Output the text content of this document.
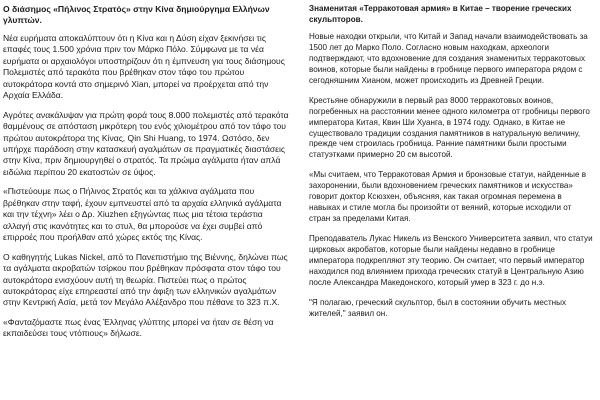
Ο διάσημος «Πήλινος Στρατός» στην Κίνα δημιούργημα Ελλήνων γλυπτών.

Νέα ευρήματα αποκαλύπτουν ότι η Κίνα και η Δύση είχαν ξεκινήσει τις επαφές τους 1.500 χρόνια πριν τον Μάρκο Πόλο. Σύμφωνα με τα νέα ευρήματα οι αρχαιολόγοι υποστηρίζουν ότι η έμπνευση για τους διάσημους Πολεμιστές από τερακότα που βρέθηκαν στον τάφο του πρώτου αυτοκράτορα κοντά στο σημερινό Xian, μπορεί να προέρχεται από την Αρχαία Ελλάδα.

Αγρότες ανακάλυψαν για πρώτη φορά τους 8.000 πολεμιστές από τερακότα θαμμένους σε απόσταση μικρότερη του ενός χιλιομέτρου από τον τάφο του πρώτου αυτοκράτορα της Κίνας, Qin Shi Huang, το 1974. Ωστόσο, δεν υπήρχε παράδοση στην κατασκευή αγαλμάτων σε πραγματικές διαστάσεις στην Κίνα, πριν δημιουργηθεί ο στρατός. Τα πρώιμα αγάλματα ήταν απλά ειδώλια περίπου 20 εκατοστών σε ύψος.

«Πιστεύουμε πως ο Πήλινος Στρατός και τα χάλκινα αγάλματα που βρέθηκαν στην ταφή, έχουν εμπνευστεί από τα αρχαία ελληνικά αγάλματα και την τέχνη» λέει ο Δρ. Xiuzhen εξηγώντας πως μια τέτοια τεράστια αλλαγή στις ικανότητες και το στυλ, θα μπορούσε να έχει συμβεί από επιρροές που προήλθαν από χώρες εκτός της Κίνας.

Ο καθηγητής Lukas Nickel, από το Πανεπιστήμιο της Βιέννης, δηλώνει πως τα αγάλματα ακροβατών τσίρκου που βρέθηκαν πρόσφατα στον τάφο του αυτοκράτορα ενισχύουν αυτή τη θεωρία. Πιστεύει πως ο πρώτος αυτοκράτορας είχε επηρεαστεί από την άφιξη των ελληνικών αγαλμάτων στην Κεντρική Ασία, μετά τον Μεγάλο Αλέξανδρο που πέθανε το 323 π.Χ.

«Φανταζόμαστε πως ένας Έλληνας γλύπτης μπορεί να ήταν σε θέση να εκπαιδεύσει τους ντόπιους» δήλωσε.

Знаменитая «Терракотовая армия» в Китае – творение греческих скульпторов.

Новые находки открыли, что Китай и Запад начали взаимодействовать за 1500 лет до Марко Поло. Согласно новым находкам, археологи подтверждают, что вдохновение для создания знаменитых терракотовых воинов, которые были найдены в гробнице первого императора рядом с сегодняшним Хианом, может происходить из Древней Греции.

Крестьяне обнаружили в первый раз 8000 терракотовых воинов, погребенных на расстоянии менее одного километра от гробницы первого императора Китая, Квин Ши Хуанга, в 1974 году. Однако, в Китае не существовало традиции создания памятников в натуральную величину, прежде чем строилась гробница. Ранние памятники были простыми статуэтками примерно 20 см высотой.

«Мы считаем, что Терракотовая Армия и бронзовые статуи, найденные в захоронении, были вдохновением греческих памятников и искусства» говорит доктор Ксюзхен, объясняя, как такая огромная перемена в навыках и стиле могла бы произойти от веяний, которые исходили от стран за пределами Китая.

Преподаватель Лукас Никель из Венского Университета заявил, что статуи цирковых акробатов, которые были найдены недавно в гробнице императора подкрепляют эту теорию. Он считает, что первый император находился под влиянием прихода греческих статуй в Центральную Азию после Александра Македонского, который умер в 323 г. до н.э.

"Я полагаю, греческий скульптор, был в состоянии обучить местных жителей," заявил он.
